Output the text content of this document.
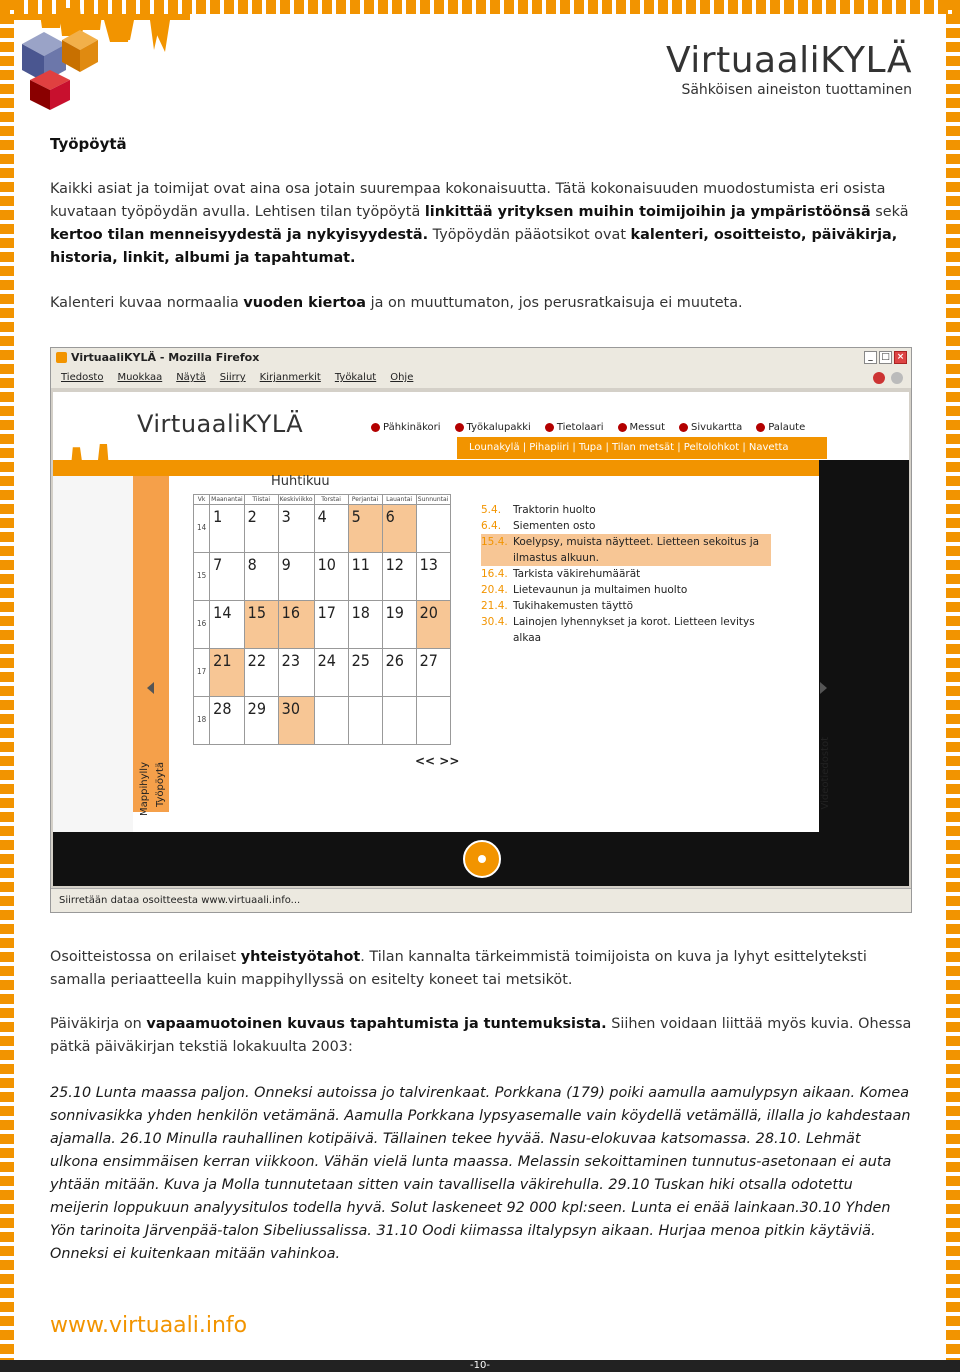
VirtuaaliKYLÄ
Sähköisen aineiston tuottaminen
Työpöytä
Kaikki asiat ja toimijat ovat aina osa jotain suurempaa kokonaisuutta. Tätä kokonaisuuden muodostumista eri osista kuvataan työpöydän avulla. Lehtisen tilan työpöytä linkittää yrityksen muihin toimijoihin ja ympäristöönsä sekä kertoo tilan menneisyydestä ja nykyisyydestä. Työpöydän pääotsikot ovat kalenteri, osoitteisto, päiväkirja, historia, linkit, albumi ja tapahtumat.
Kalenteri kuvaa normaalia vuoden kiertoa ja on muuttumaton, jos perusratkaisuja ei muuteta.
VirtuaaliKYLÄ - Mozilla Firefox	_ □ ×
Tiedosto Muokkaa Näytä Siirry Kirjanmerkit Työkalut Ohje
VirtuaaliKYLÄ	Pähkinäkori	Työkalupakki	Tietolaari	Messut	Sivukartta	Palaute
Lounakylä | Pihapiiri | Tupa | Tilan metsät | Peltolohkot | Navetta
Mappihylly Työpöytä	Videotiedostot
Huhtikuu
Vk	Maanantai	Tiistai	Keskiviikko	Torstai	Perjantai	Lauantai	Sunnuntai
14	1	2	3	4	5	6	
15	7	8	9	10	11	12	13
16	14	15	16	17	18	19	20
17	21	22	23	24	25	26	27
18	28	29	30				
5.4.	Traktorin huolto
6.4.	Siementen osto
15.4. Koelypsy, muista näytteet. Lietteen sekoitus ja ilmastus alkuun.
16.4. Tarkista väkirehumäärät
20.4. Lietevaunun ja multaimen huolto
21.4. Tukihakemusten täyttö
30.4. Lainojen lyhennykset ja korot. Lietteen levitys alkaa
<< >>
Siirretään dataa osoitteesta www.virtuaali.info...
Osoitteistossa on erilaiset yhteistyötahot. Tilan kannalta tärkeimmistä toimijoista on kuva ja lyhyt esittelyteksti samalla periaatteella kuin mappihyllyssä on esitelty koneet tai metsiköt.
Päiväkirja on vapaamuotoinen kuvaus tapahtumista ja tuntemuksista. Siihen voidaan liittää myös kuvia. Ohessa pätkä päiväkirjan tekstiä lokakuulta 2003:
25.10 Lunta maassa paljon. Onneksi autoissa jo talvirenkaat. Porkkana (179) poiki aamulla aamulypsyn aikaan. Komea sonnivasikka yhden henkilön vetämänä. Aamulla Porkkana lypsyasemalle vain köydellä vetämällä, illalla jo kahdestaan ajamalla. 26.10 Minulla rauhallinen kotipäivä. Tällainen tekee hyvää. Nasu-elokuvaa katsomassa. 28.10. Lehmät ulkona ensimmäisen kerran viikkoon. Vähän vielä lunta maassa. Melassin sekoittaminen tunnutus-asetonaan ei auta yhtään mitään. Kuva ja Molla tunnutetaan sitten vain tavallisella väkirehulla. 29.10 Tuskan hiki otsalla odotettu meijerin loppukuun analyysitulos todella hyvä. Solut laskeneet 92 000 kpl:seen. Lunta ei enää lainkaan.30.10 Yhden Yön tarinoita Järvenpää-talon Sibeliussalissa. 31.10 Oodi kiimassa iltalypsyn aikaan. Hurjaa menoa pitkin käytäviä. Onneksi ei kuitenkaan mitään vahinkoa.
www.virtuaali.info
-10-
